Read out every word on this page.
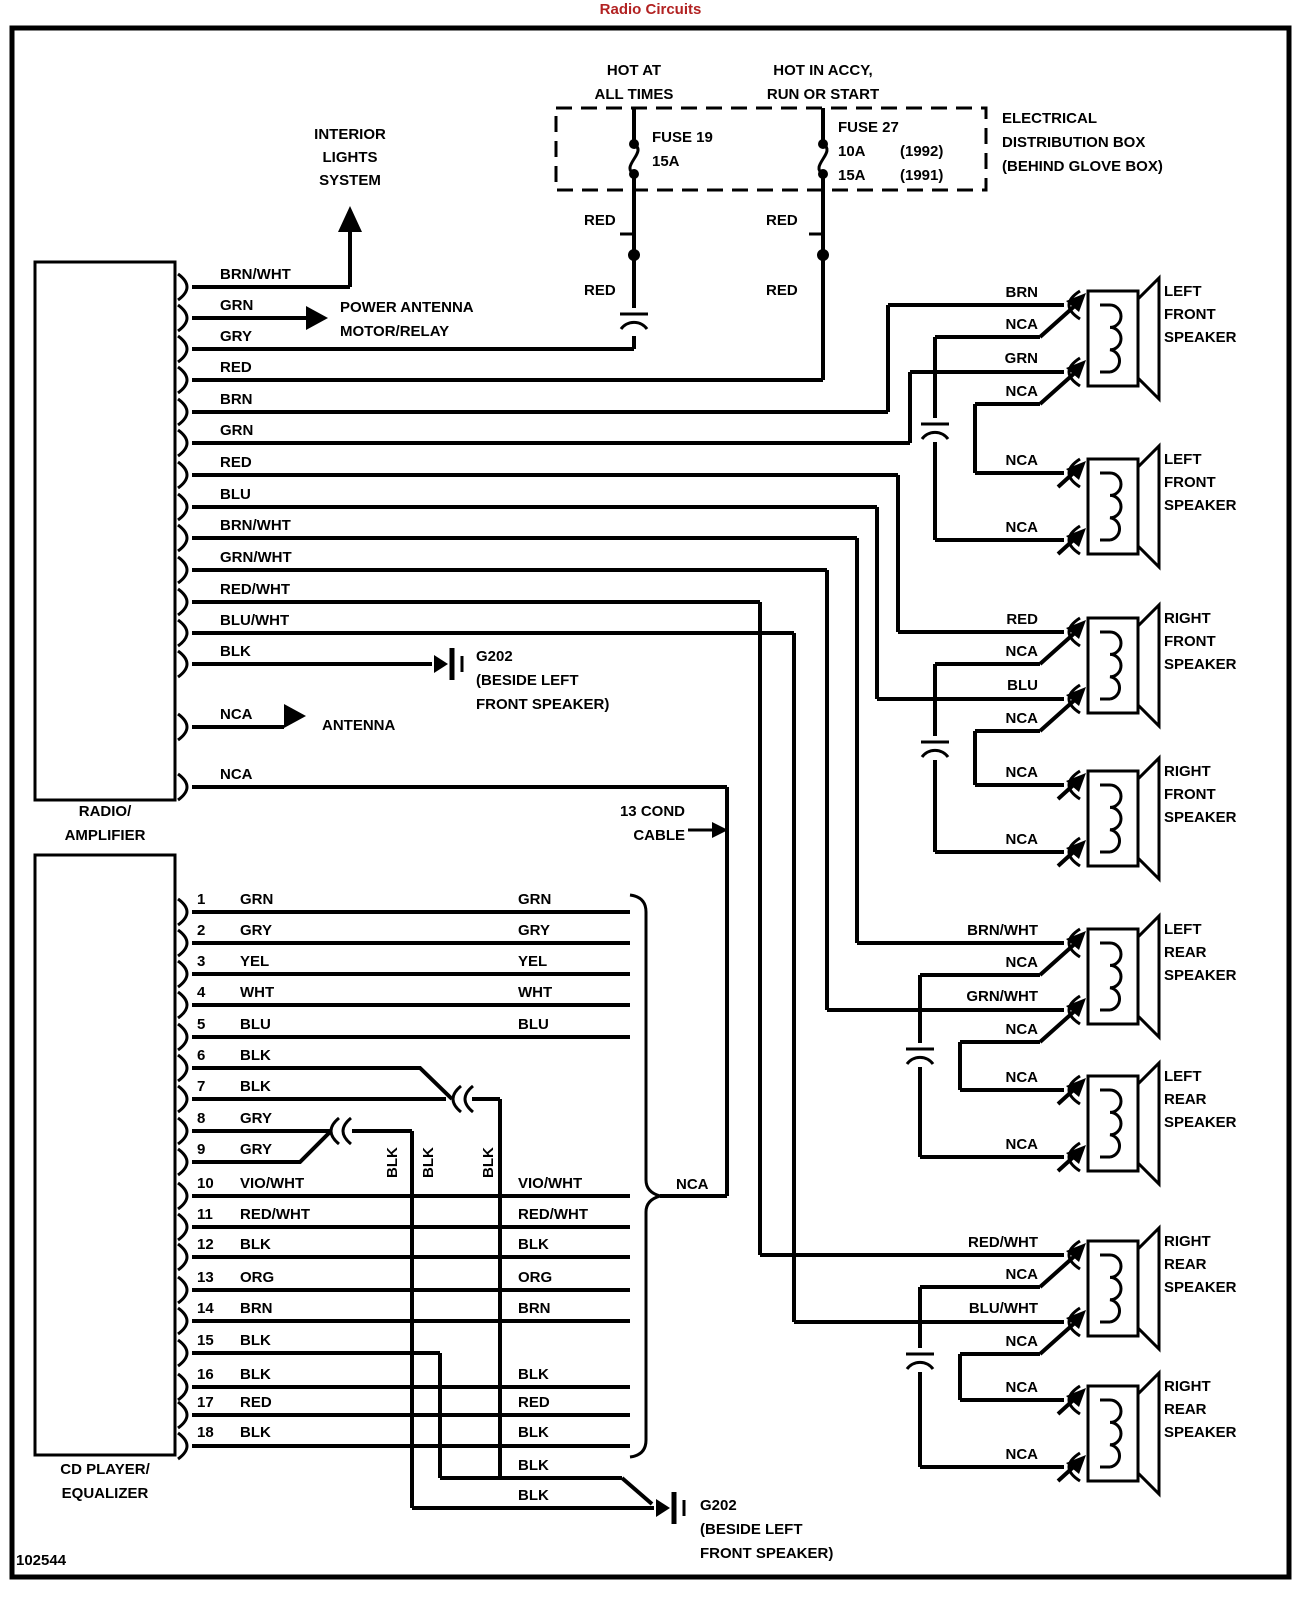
Radio Circuits
HOT AT
ALL TIMES
HOT IN ACCY,
RUN OR START
FUSE 19
15A
FUSE 27
10A (1992)
15A (1991)
ELECTRICAL
DISTRIBUTION BOX
(BEHIND GLOVE BOX)
RED
RED
RED
RED
INTERIOR
LIGHTS
SYSTEM
POWER ANTENNA
MOTOR/RELAY
ANTENNA
BRN/WHT
GRN
GRY
RED
BRN
GRN
RED
BLU
BRN/WHT
GRN/WHT
RED/WHT
BLU/WHT
BLK
NCA
NCA
G202
(BESIDE LEFT
FRONT SPEAKER)
RADIO/
AMPLIFIER
13 COND
CABLE
NCA
1 GRN	GRN
2 GRY	GRY
3 YEL	YEL
4 WHT	WHT
5 BLU	BLU
6 BLK
7 BLK
8 GRY
9 GRY
10 VIO/WHT	VIO/WHT
11 RED/WHT	RED/WHT
12 BLK	BLK
13 ORG	ORG
14 BRN	BRN
15 BLK
16 BLK	BLK
17 RED	RED
18 BLK	BLK
BLK BLK	BLK
BLK
BLK
CD PLAYER/
EQUALIZER
G202
(BESIDE LEFT
FRONT SPEAKER)
102544
BRN
NCA
GRN
NCA
NCA
NCA
RED
NCA
BLU
NCA
NCA
NCA
BRN/WHT
NCA
GRN/WHT
NCA
NCA
NCA
RED/WHT
NCA
BLU/WHT
NCA
NCA
NCA
LEFT
FRONT
SPEAKER
LEFT
FRONT
SPEAKER
RIGHT
FRONT
SPEAKER
RIGHT
FRONT
SPEAKER
LEFT
REAR
SPEAKER
LEFT
REAR
SPEAKER
RIGHT
REAR
SPEAKER
RIGHT
REAR
SPEAKER
